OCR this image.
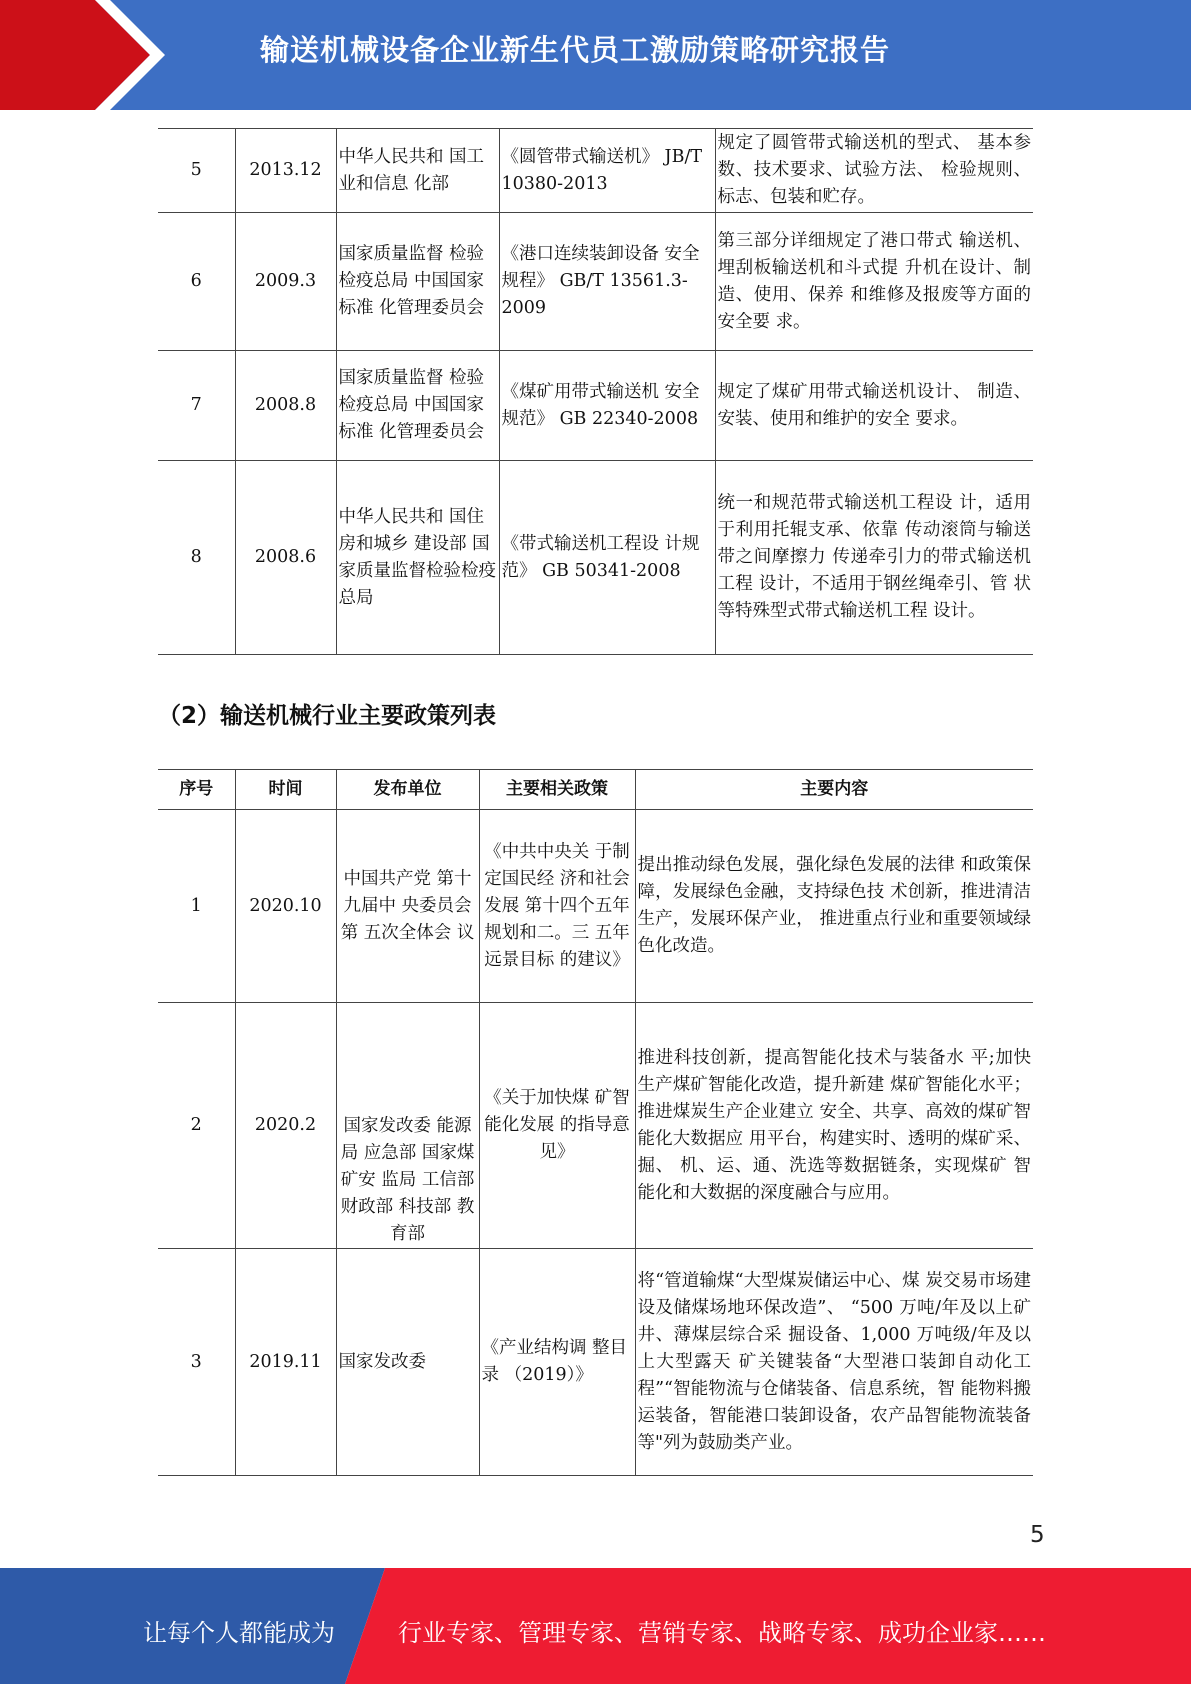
输送机械设备企业新生代员工激励策略研究报告
5	2013.12	中华人民共和 国工业和信息 化部	《圆管带式输送机》 JB/T 10380-2013	规定了圆管带式输送机的型式、 基本参数、技术要求、试验方法、 检验规则、标志、包装和贮存。
6	2009.3	国家质量监督 检验检疫总局 中国国家标准 化管理委员会	《港口连续装卸设备 安全规程》 GB/T 13561.3-2009	第三部分详细规定了港口带式 输送机、埋刮板输送机和斗式提 升机在设计、制造、使用、保养 和维修及报废等方面的安全要 求。
7	2008.8	国家质量监督 检验检疫总局 中国国家标准 化管理委员会	《煤矿用带式输送机 安全规范》 GB 22340-2008	规定了煤矿用带式输送机设计、 制造、安装、使用和维护的安全 要求。
8	2008.6	中华人民共和 国住房和城乡 建设部 国家质量监督检验检疫总局	《带式输送机工程设 计规范》 GB 50341-2008	统一和规范带式输送机工程设 计，适用于利用托辊支承、依靠 传动滚筒与输送带之间摩擦力 传递牵引力的带式输送机工程 设计，不适用于钢丝绳牵引、管 状等特殊型式带式输送机工程 设计。
（2）输送机械行业主要政策列表
序号	时间	发布单位	主要相关政策	主要内容
1	2020.10	中国共产党 第十九届中 央委员会第 五次全体会 议	《中共中央关 于制定国民经 济和社会发展 第十四个五年 规划和二。三 五年远景目标 的建议》	提出推动绿色发展，强化绿色发展的法律 和政策保障，发展绿色金融，支持绿色技 术创新，推进清洁生产，发展环保产业， 推进重点行业和重要领域绿色化改造。
2	2020.2	国家发改委 能源局 应急部 国家煤矿安 监局 工信部 财政部 科技部 教育部	《关于加快煤 矿智能化发展 的指导意见》	推进科技创新，提高智能化技术与装备水 平;加快生产煤矿智能化改造，提升新建 煤矿智能化水平；推进煤炭生产企业建立 安全、共享、高效的煤矿智能化大数据应 用平台，构建实时、透明的煤矿采、掘、 机、运、通、洗选等数据链条，实现煤矿 智能化和大数据的深度融合与应用。
3	2019.11	国家发改委	《产业结构调 整目录 （2019）》	将“管道输煤“大型煤炭储运中心、煤 炭交易市场建设及储煤场地环保改造”、 “500 万吨/年及以上矿井、薄煤层综合采 掘设备、1,000 万吨级/年及以上大型露天 矿关键装备“大型港口装卸自动化工 程”“智能物流与仓储装备、信息系统，智 能物料搬运装备，智能港口装卸设备，农产品智能物流装备等"列为鼓励类产业。
5
让每个人都能成为	行业专家、管理专家、营销专家、战略专家、成功企业家……
